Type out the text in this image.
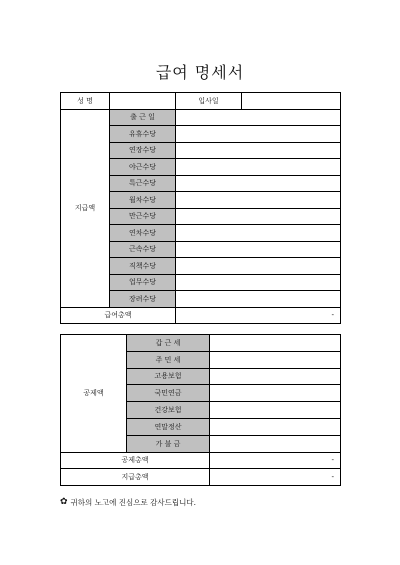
급여 명세서
성 명		입사일	
지급액	출 근 일		
	유휴수당		
	연장수당		
	야근수당		
	특근수당		
	월차수당		
	만근수당		
	연차수당		
	근속수당		
	직책수당		
	업무수당		
	장려수당		
급여총액		-	
공제액	갑 근 세	
	주 민 세	
	고용보험	
	국민연금	
	건강보험	
	연말정산	
	가 불 금	
공제총액		-
지급총액		-
✿ 귀하의 노고에 진심으로 감사드립니다.
